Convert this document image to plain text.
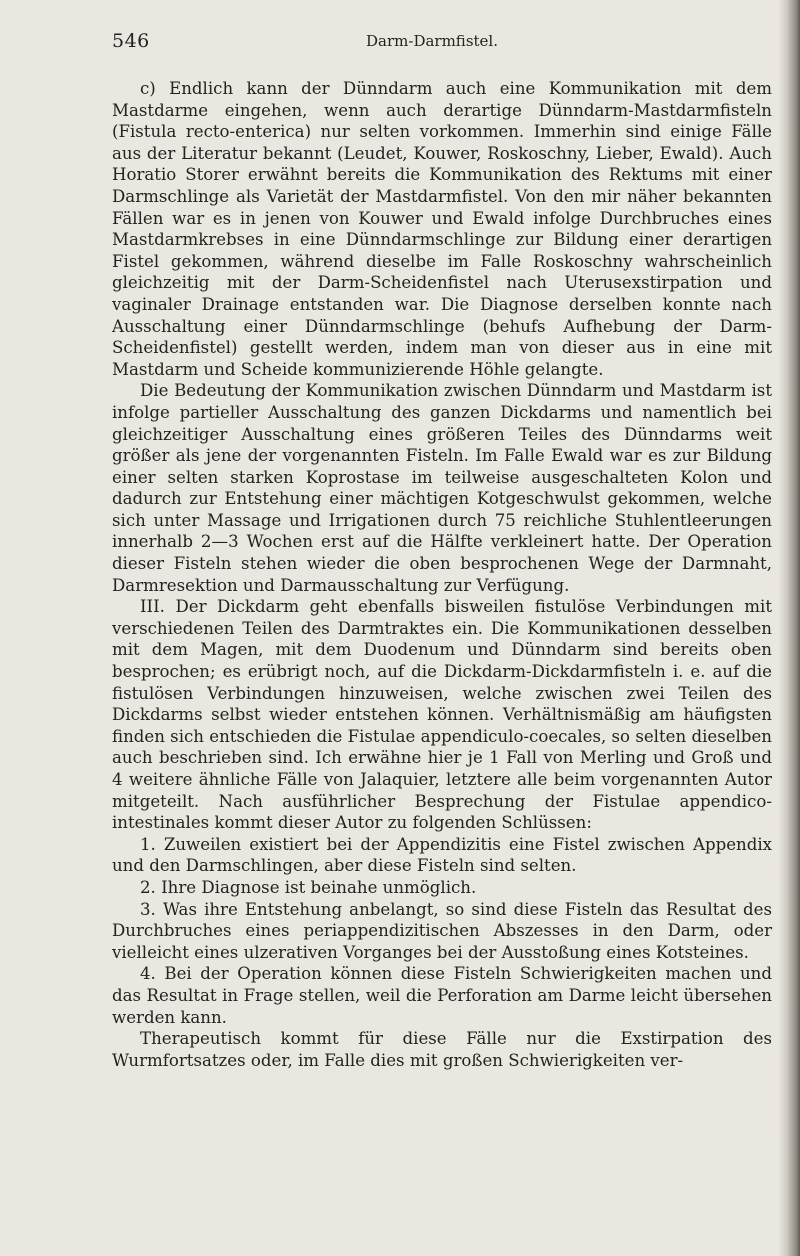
546	Darm-Darmfistel.

c) Endlich kann der Dünndarm auch eine Kommunikation mit dem Mastdarme eingehen, wenn auch derartige Dünndarm-Mastdarmfisteln (Fistula recto-enterica) nur selten vorkommen. Immerhin sind einige Fälle aus der Literatur bekannt (Leudet, Kouwer, Roskoschny, Lieber, Ewald). Auch Horatio Storer erwähnt bereits die Kommunikation des Rektums mit einer Darmschlinge als Varietät der Mastdarmfistel. Von den mir näher bekannten Fällen war es in jenen von Kouwer und Ewald infolge Durchbruches eines Mastdarmkrebses in eine Dünndarmschlinge zur Bildung einer derartigen Fistel gekommen, während dieselbe im Falle Roskoschny wahrscheinlich gleichzeitig mit der Darm-Scheidenfistel nach Uterusexstirpation und vaginaler Drainage entstanden war. Die Diagnose derselben konnte nach Ausschaltung einer Dünndarmschlinge (behufs Aufhebung der Darm-Scheidenfistel) gestellt werden, indem man von dieser aus in eine mit Mastdarm und Scheide kommunizierende Höhle gelangte.

Die Bedeutung der Kommunikation zwischen Dünndarm und Mastdarm ist infolge partieller Ausschaltung des ganzen Dickdarms und namentlich bei gleichzeitiger Ausschaltung eines größeren Teiles des Dünndarms weit größer als jene der vorgenannten Fisteln. Im Falle Ewald war es zur Bildung einer selten starken Koprostase im teilweise ausgeschalteten Kolon und dadurch zur Entstehung einer mächtigen Kotgeschwulst gekommen, welche sich unter Massage und Irrigationen durch 75 reichliche Stuhlentleerungen innerhalb 2—3 Wochen erst auf die Hälfte verkleinert hatte. Der Operation dieser Fisteln stehen wieder die oben besprochenen Wege der Darmnaht, Darmresektion und Darmausschaltung zur Verfügung.

III. Der Dickdarm geht ebenfalls bisweilen fistulöse Verbindungen mit verschiedenen Teilen des Darmtraktes ein. Die Kommunikationen desselben mit dem Magen, mit dem Duodenum und Dünndarm sind bereits oben besprochen; es erübrigt noch, auf die Dickdarm-Dickdarmfisteln i. e. auf die fistulösen Verbindungen hinzuweisen, welche zwischen zwei Teilen des Dickdarms selbst wieder entstehen können. Verhältnismäßig am häufigsten finden sich entschieden die Fistulae appendiculo-coecales, so selten dieselben auch beschrieben sind. Ich erwähne hier je 1 Fall von Merling und Groß und 4 weitere ähnliche Fälle von Jalaquier, letztere alle beim vorgenannten Autor mitgeteilt. Nach ausführlicher Besprechung der Fistulae appendico-intestinales kommt dieser Autor zu folgenden Schlüssen:

1. Zuweilen existiert bei der Appendizitis eine Fistel zwischen Appendix und den Darmschlingen, aber diese Fisteln sind selten.

2. Ihre Diagnose ist beinahe unmöglich.

3. Was ihre Entstehung anbelangt, so sind diese Fisteln das Resultat des Durchbruches eines periappendizitischen Abszesses in den Darm, oder vielleicht eines ulzerativen Vorganges bei der Ausstoßung eines Kotsteines.

4. Bei der Operation können diese Fisteln Schwierigkeiten machen und das Resultat in Frage stellen, weil die Perforation am Darme leicht übersehen werden kann.

Therapeutisch kommt für diese Fälle nur die Exstirpation des Wurmfortsatzes oder, im Falle dies mit großen Schwierigkeiten ver-
